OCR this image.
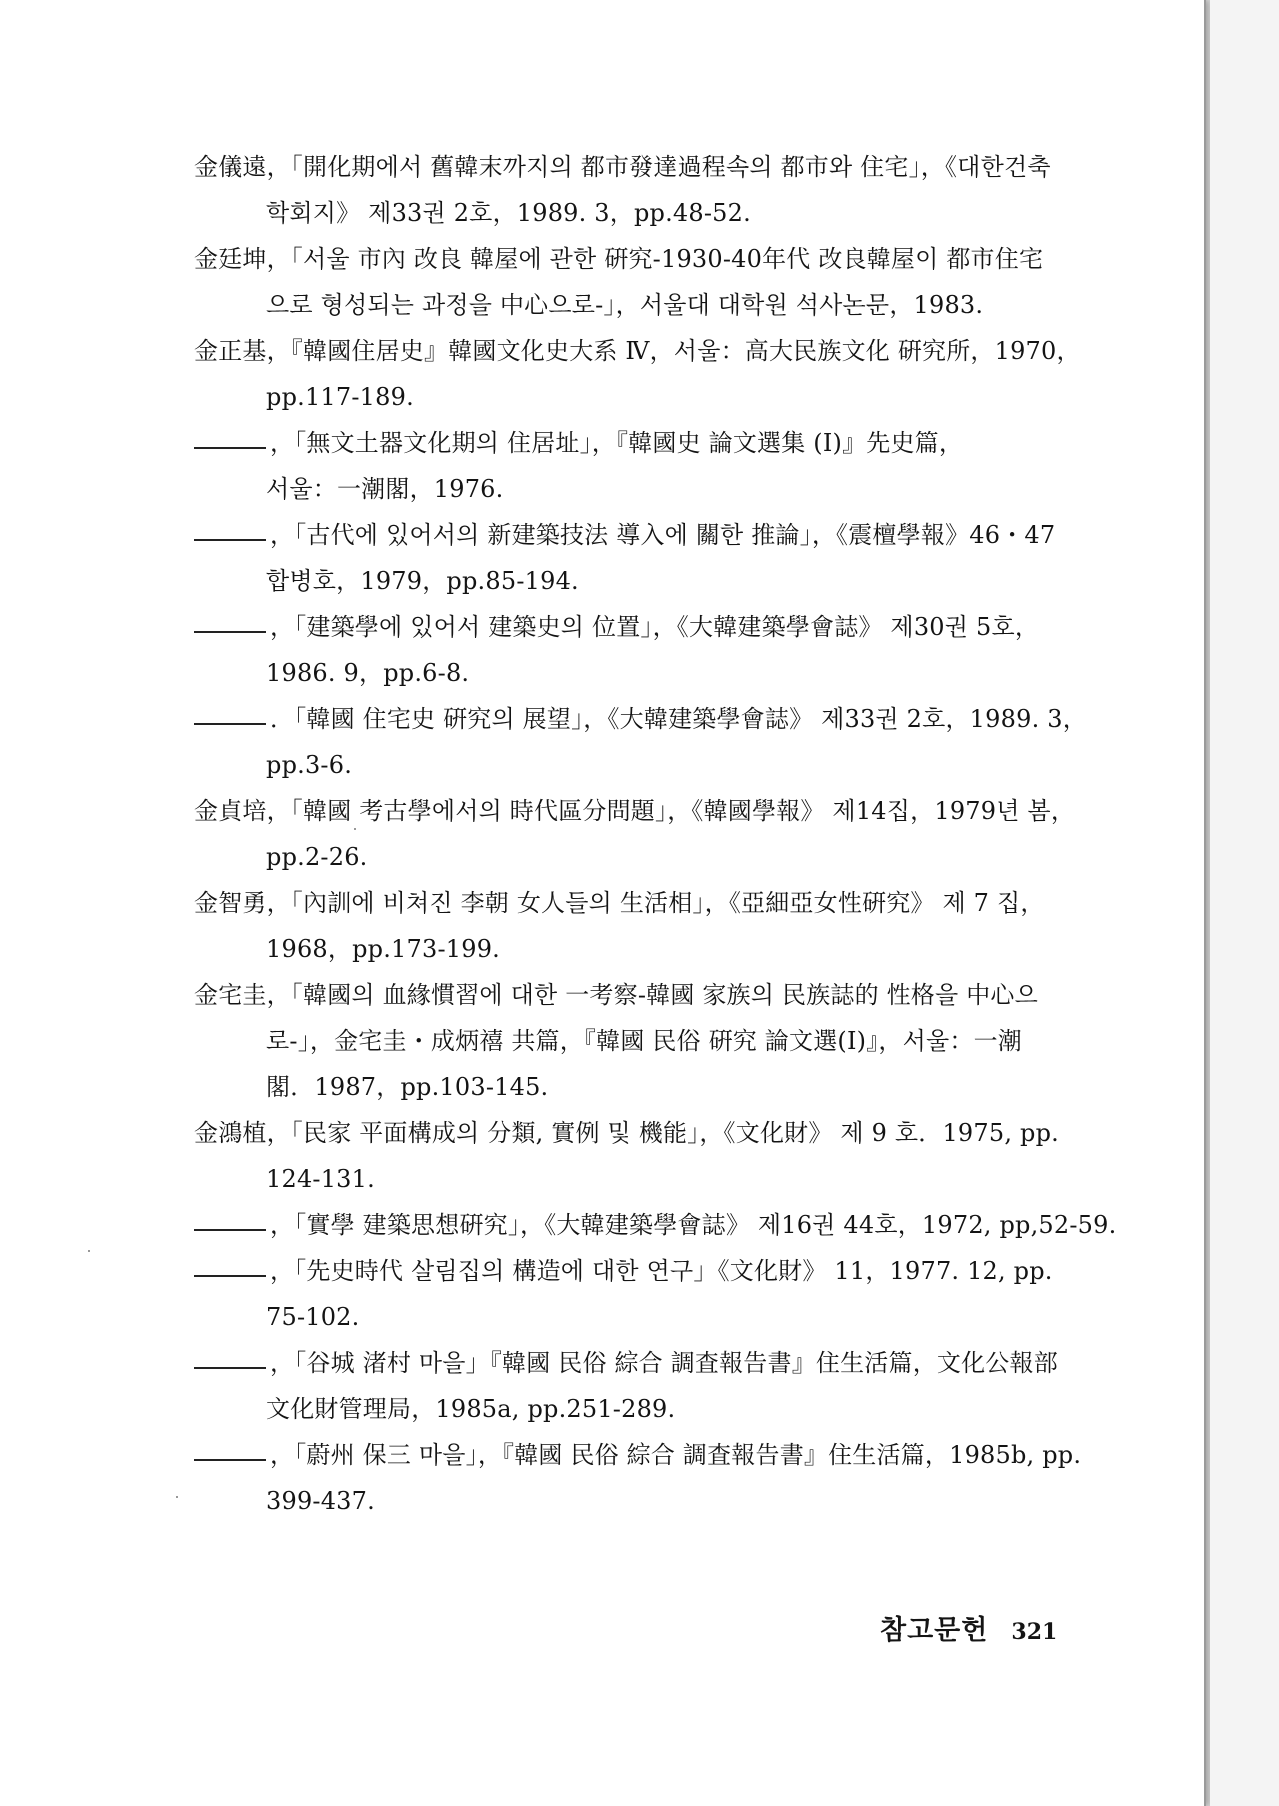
金儀遠，「開化期에서 舊韓末까지의 都市發達過程속의 都市와 住宅」，《대한건축
학회지》 제33권 2호，1989. 3，pp.48-52.
金廷坤，「서울 市內 改良 韓屋에 관한 硏究-1930-40年代 改良韓屋이 都市住宅
으로 형성되는 과정을 中心으로-」，서울대 대학원 석사논문，1983.
金正基，『韓國住居史』韓國文化史大系 Ⅳ，서울：高大民族文化 硏究所，1970，
pp.117-189.
，「無文土器文化期의 住居址」，『韓國史 論文選集 (I)』先史篇，
서울：一潮閣，1976.
，「古代에 있어서의 新建築技法 導入에 關한 推論」，《震檀學報》46・47
합병호，1979，pp.85-194.
，「建築學에 있어서 建築史의 位置」，《大韓建築學會誌》 제30권 5호，
1986. 9，pp.6-8.
．「韓國 住宅史 硏究의 展望」，《大韓建築學會誌》 제33권 2호，1989. 3，
pp.3-6.
金貞培，「韓國 考古學에서의 時代區分問題」，《韓國學報》 제14집，1979년 봄，
pp.2-26.
金智勇，「內訓에 비쳐진 李朝 女人들의 生活相」，《亞細亞女性硏究》 제 7 집，
1968，pp.173-199.
金宅圭，「韓國의 血緣慣習에 대한 一考察-韓國 家族의 民族誌的 性格을 中心으
로-」，金宅圭・成炳禧 共篇，『韓國 民俗 硏究 論文選(Ⅰ)』，서울：一潮
閣．1987，pp.103-145.
金鴻植，「民家 平面構成의 分類, 實例 및 機能」，《文化財》 제 9 호．1975, pp.
124-131.
，「實學 建築思想硏究」，《大韓建築學會誌》 제16권 44호，1972, pp,52-59.
，「先史時代 살림집의 構造에 대한 연구」《文化財》 11，1977. 12, pp.
75-102.
，「谷城 渚村 마을」『韓國 民俗 綜合 調査報告書』住生活篇，文化公報部
文化財管理局，1985a, pp.251-289.
，「蔚州 保三 마을」，『韓國 民俗 綜合 調査報告書』住生活篇，1985b, pp.
399-437.
참고문헌 321
